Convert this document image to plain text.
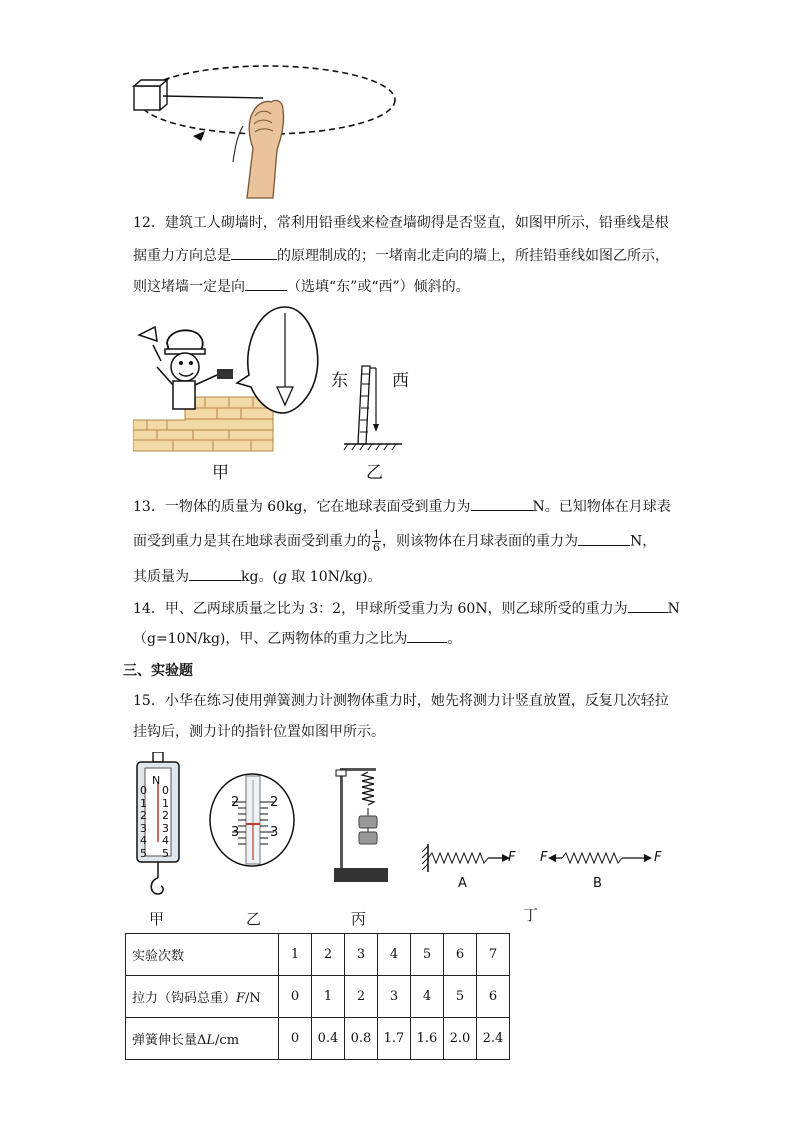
12．建筑工人砌墙时，常利用铅垂线来检查墙砌得是否竖直，如图甲所示，铅垂线是根
据重力方向总是	的原理制成的；一堵南北走向的墙上，所挂铅垂线如图乙所示，
则这堵墙一定是向	（选填“东”或“西”）倾斜的。
甲
东	西
乙
13．一物体的质量为 60kg，它在地球表面受到重力为	N。已知物体在月球表
面受到重力是其在地球表面受到重力的 $\frac{1}{6}$ ，则该物体在月球表面的重力为	N，
其质量为	kg。(g 取 10N/kg)。
14．甲、乙两球质量之比为 3：2，甲球所受重力为 60N，则乙球所受的重力为	N
（g=10N/kg)，甲、乙两物体的重力之比为	。
三、实验题
15．小华在练习使用弹簧测力计测物体重力时，她先将测力计竖直放置，反复几次轻拉
挂钩后，测力计的指针位置如图甲所示。
N
0 0
1 1
2 2
3 3
4 4
5 5
2 2
3 3
F F	F
A	B
甲	乙	丙	丁
实验次数	1	2	3	4	5	6	7
拉力（钩码总重）F/N	0	1	2	3	4	5	6
弹簧伸长量ΔL/cm	0	0.4	0.8	1.7	1.6	2.0	2.4
